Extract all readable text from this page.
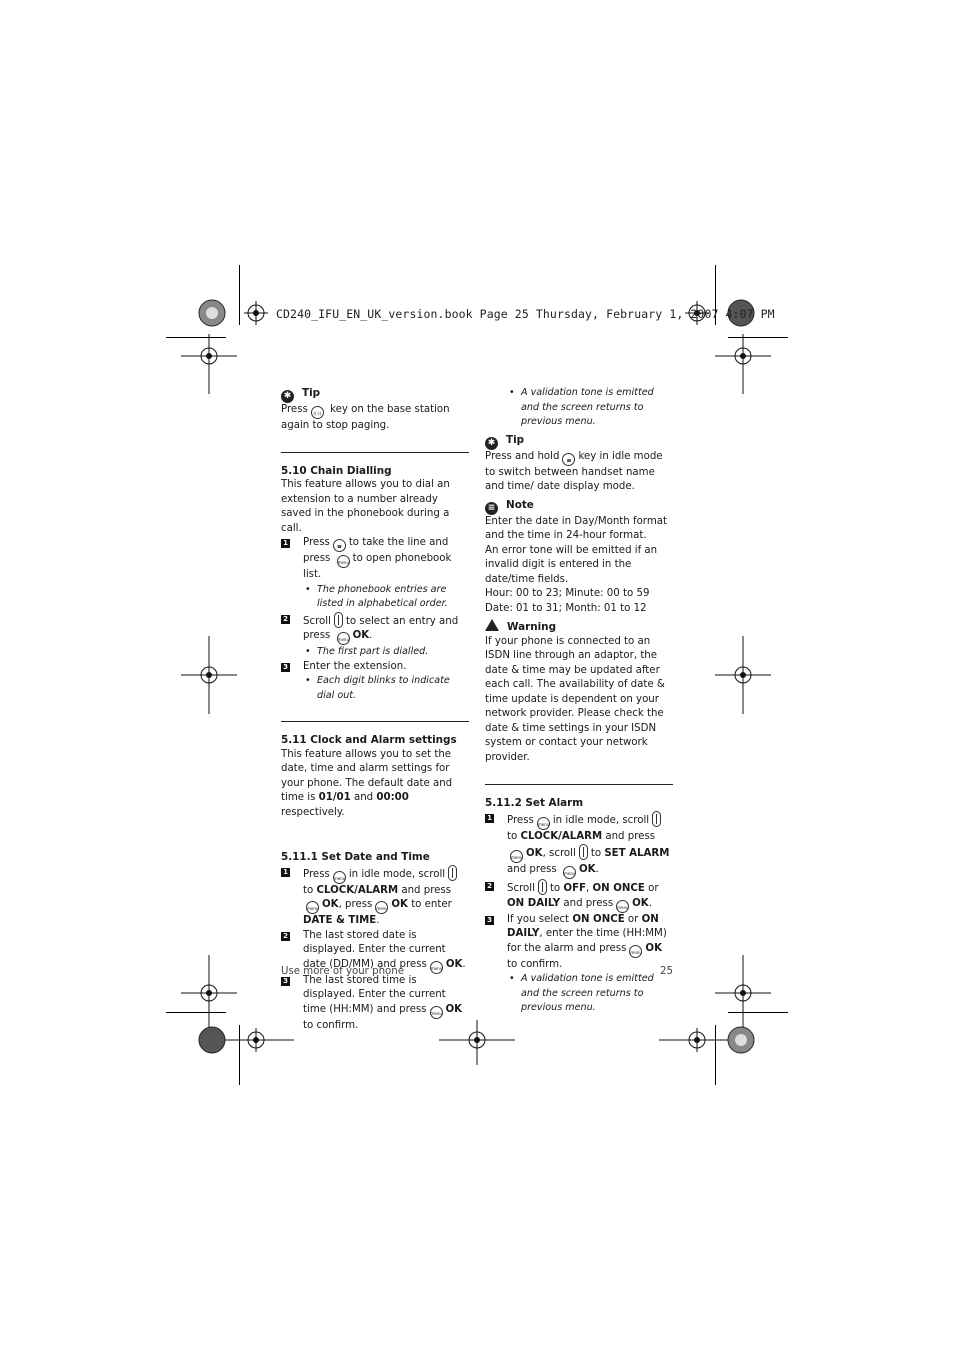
CD240_IFU_EN_UK_version.book Page 25 Thursday, February 1, 2007 4:07 PM

✱ Tip

Press ((·)) key on the base station again to stop paging.

5.10 Chain Dialling

This feature allows you to dial an extension to a number already saved in the phonebook during a call.

1 Press ☎ to take the line and press menu to open phonebook list.
• The phonebook entries are listed in alphabetical order.
2 Scroll to select an entry and press menu OK.
• The first part is dialled.
3 Enter the extension.
• Each digit blinks to indicate dial out.

5.11 Clock and Alarm settings

This feature allows you to set the date, time and alarm settings for your phone. The default date and time is 01/01 and 00:00 respectively.

5.11.1 Set Date and Time

1 Press menu in idle mode, scrollto CLOCK/ALARM and pressmenu OK, press menu OK to enter DATE & TIME.
2 The last stored date is displayed. Enter the current date (DD/MM) and press menu OK.
3 The last stored time is displayed. Enter the current time (HH:MM) and press menu OK to confirm.
• A validation tone is emitted and the screen returns to previous menu.

✱ Tip

Press and hold ☎ key in idle mode to switch between handset name and time/ date display mode.

≡ Note

Enter the date in Day/Month format and the time in 24-hour format.

An error tone will be emitted if an invalid digit is entered in the date/time fields.

Hour: 00 to 23; Minute: 00 to 59

Date: 01 to 31; Month: 01 to 12

Warning

If your phone is connected to an ISDN line through an adaptor, the date & time may be updated after each call. The availability of date & time update is dependent on your network provider. Please check the date & time settings in your ISDN system or contact your network provider.

5.11.2 Set Alarm

1 Press menu in idle mode, scrollto CLOCK/ALARM and pressmenu OK, scroll to SET ALARM and press menu OK.
2 Scroll to OFF, ON ONCE or ON DAILY and press menu OK.
3 If you select ON ONCE or ON DAILY, enter the time (HH:MM) for the alarm and press menu OK to confirm.
• A validation tone is emitted and the screen returns to previous menu.
Use more of your phone	25
